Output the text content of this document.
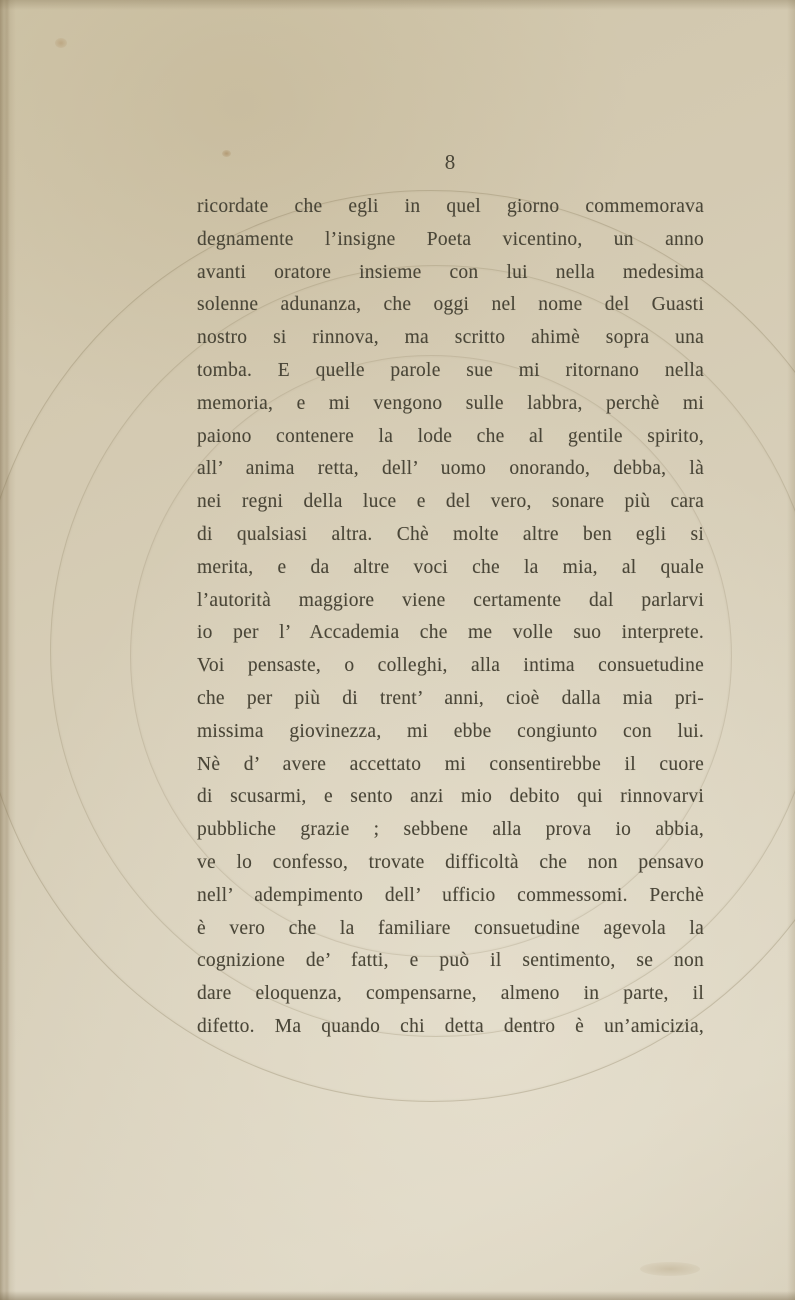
8
ricordate che egli in quel giorno commemorava
degnamente l’insigne Poeta vicentino, un anno
avanti oratore insieme con lui nella medesima
solenne adunanza, che oggi nel nome del Guasti
nostro si rinnova, ma scritto ahimè sopra una
tomba. E quelle parole sue mi ritornano nella
memoria, e mi vengono sulle labbra, perchè mi
paiono contenere la lode che al gentile spirito,
all’ anima retta, dell’ uomo onorando, debba, là
nei regni della luce e del vero, sonare più cara
di qualsiasi altra. Chè molte altre ben egli si
merita, e da altre voci che la mia, al quale
l’autorità maggiore viene certamente dal parlarvi
io per l’ Accademia che me volle suo interprete.
Voi pensaste, o colleghi, alla intima consuetudine
che per più di trent’ anni, cioè dalla mia pri-
missima giovinezza, mi ebbe congiunto con lui.
Nè d’ avere accettato mi consentirebbe il cuore
di scusarmi, e sento anzi mio debito qui rinnovarvi
pubbliche grazie ; sebbene alla prova io abbia,
ve lo confesso, trovate difficoltà che non pensavo
nell’ adempimento dell’ ufficio commessomi. Perchè
è vero che la familiare consuetudine agevola la
cognizione de’ fatti, e può il sentimento, se non
dare eloquenza, compensarne, almeno in parte, il
difetto. Ma quando chi detta dentro è un’amicizia,
